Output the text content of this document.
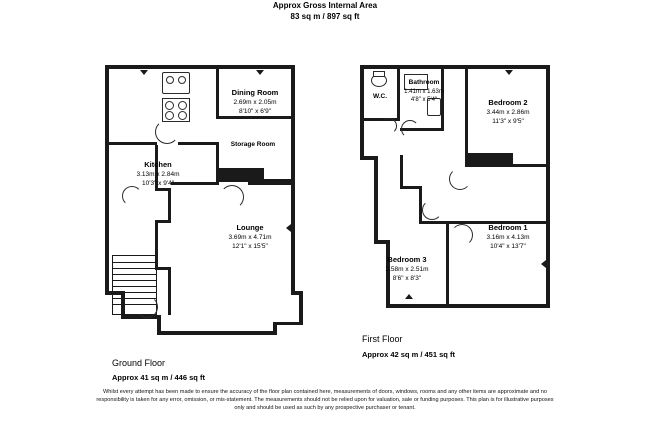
Approx Gross Internal Area
83 sq m / 897 sq ft
Kitchen
3.13m x 2.84m
10'3" x 9'4"
Dining Room
2.69m x 2.05m
8'10" x 6'9"
Storage Room
Lounge
3.69m x 4.71m
12'1" x 15'5"
Ground Floor
Approx 41 sq m / 446 sq ft
W.C.
Bathroom
1.41m x 1.63m
4'8" x 5'4"	Bedroom 2
3.44m x 2.86m
11'3" x 9'5"
Bedroom 1
3.16m x 4.13m
10'4" x 13'7"
Bedroom 3
2.58m x 2.51m
8'6" x 8'3"
First Floor
Approx 42 sq m / 451 sq ft
Whilst every attempt has been made to ensure the accuracy of the floor plan contained here, measurements of doors, windows, rooms and any other items are approximate and no responsibility is taken for any error, omission, or mis-statement. The measurements should not be relied upon for valuation, sale or funding purposes. This plan is for illustrative purposes only and should be used as such by any prospective purchaser or tenant.
